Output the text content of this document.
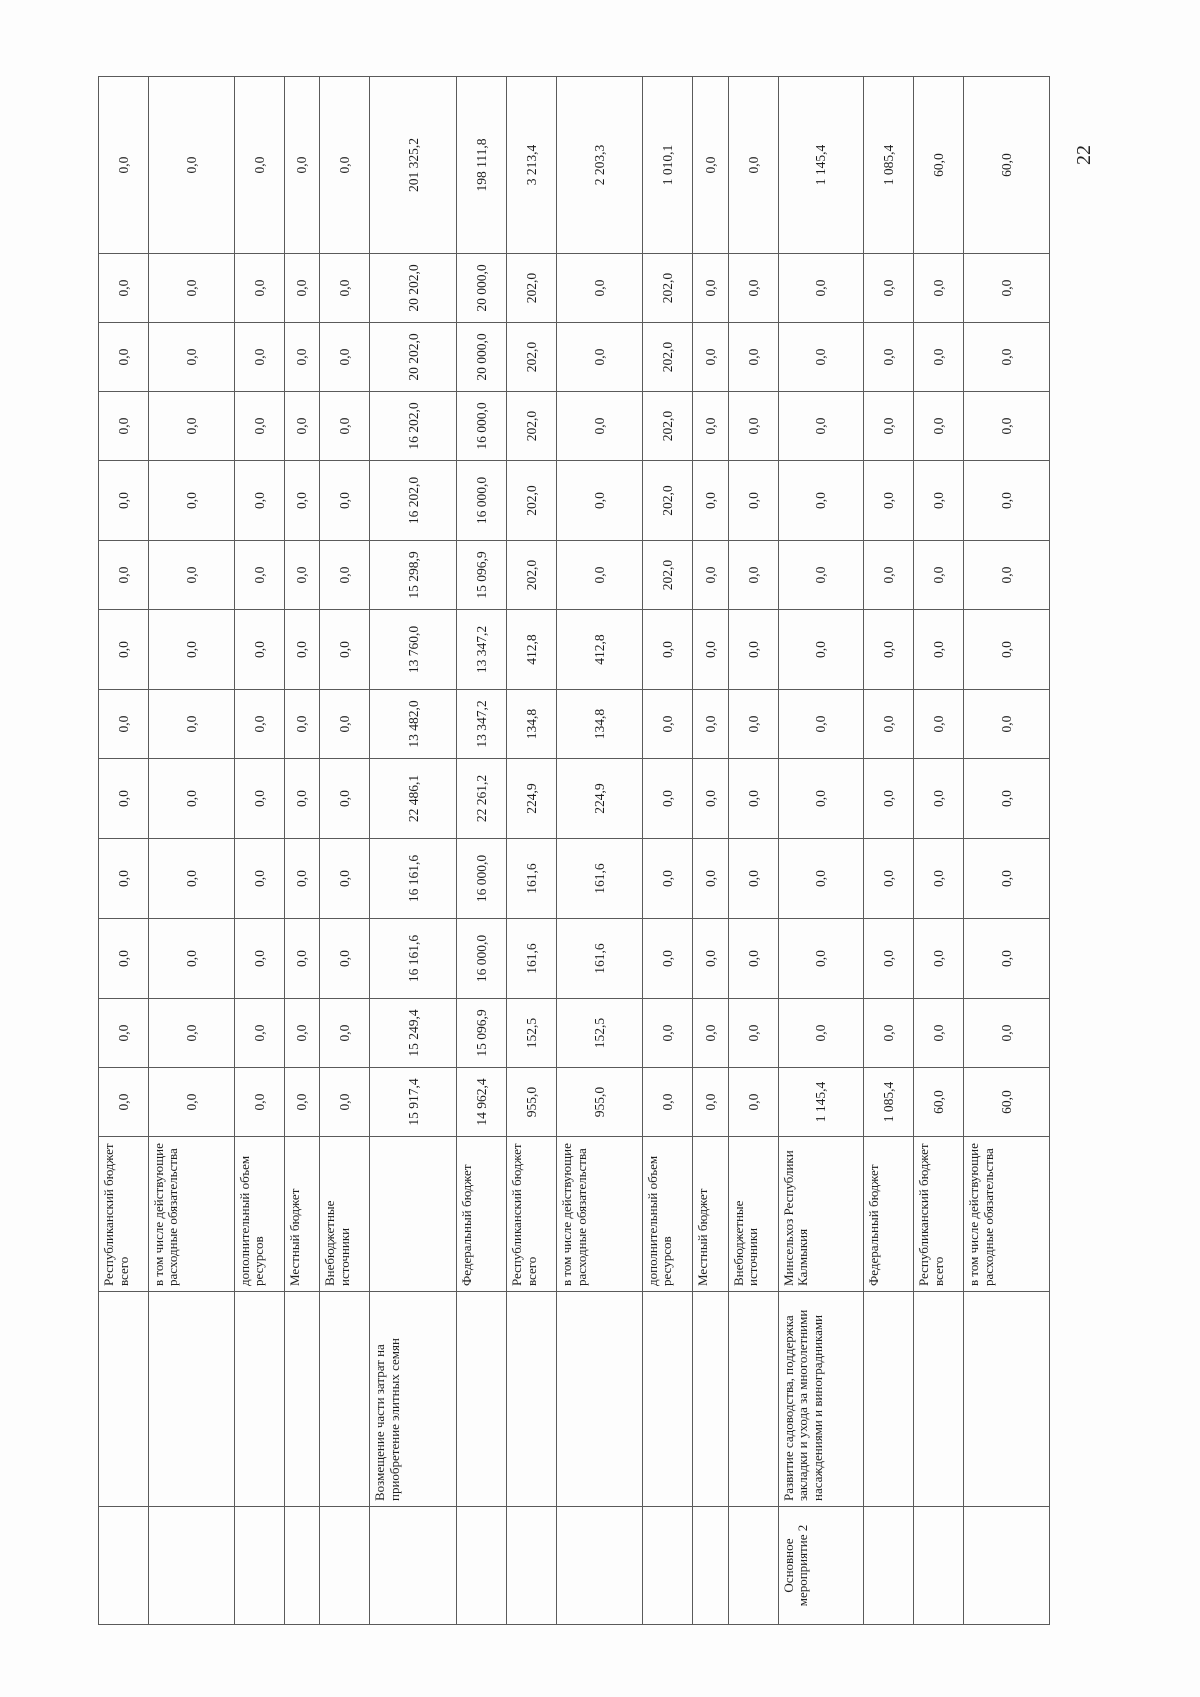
		Республиканский бюджет всего	0,0	0,0	0,0	0,0	0,0	0,0	0,0	0,0	0,0	0,0	0,0	0,0	0,0
		в том числе действующие расходные обязательства	0,0	0,0	0,0	0,0	0,0	0,0	0,0	0,0	0,0	0,0	0,0	0,0	0,0
		дополнительный объем ресурсов	0,0	0,0	0,0	0,0	0,0	0,0	0,0	0,0	0,0	0,0	0,0	0,0	0,0
		Местный бюджет	0,0	0,0	0,0	0,0	0,0	0,0	0,0	0,0	0,0	0,0	0,0	0,0	0,0
		Внебюджетные источники	0,0	0,0	0,0	0,0	0,0	0,0	0,0	0,0	0,0	0,0	0,0	0,0	0,0
	Возмещение части затрат на приобретение элитных семян		15 917,4	15 249,4	16 161,6	16 161,6	22 486,1	13 482,0	13 760,0	15 298,9	16 202,0	16 202,0	20 202,0	20 202,0	201 325,2
		Федеральный бюджет	14 962,4	15 096,9	16 000,0	16 000,0	22 261,2	13 347,2	13 347,2	15 096,9	16 000,0	16 000,0	20 000,0	20 000,0	198 111,8
		Республиканский бюджет всего	955,0	152,5	161,6	161,6	224,9	134,8	412,8	202,0	202,0	202,0	202,0	202,0	3 213,4
		в том числе действующие расходные обязательства	955,0	152,5	161,6	161,6	224,9	134,8	412,8	0,0	0,0	0,0	0,0	0,0	2 203,3
		дополнительный объем ресурсов	0,0	0,0	0,0	0,0	0,0	0,0	0,0	202,0	202,0	202,0	202,0	202,0	1 010,1
		Местный бюджет	0,0	0,0	0,0	0,0	0,0	0,0	0,0	0,0	0,0	0,0	0,0	0,0	0,0
		Внебюджетные источники	0,0	0,0	0,0	0,0	0,0	0,0	0,0	0,0	0,0	0,0	0,0	0,0	0,0
Основное мероприятие 2	Развитие садоводства, поддержка закладки и ухода за многолетними насаждениями и виноградниками	Минсельхоз Республики Калмыкия	1 145,4	0,0	0,0	0,0	0,0	0,0	0,0	0,0	0,0	0,0	0,0	0,0	1 145,4
		Федеральный бюджет	1 085,4	0,0	0,0	0,0	0,0	0,0	0,0	0,0	0,0	0,0	0,0	0,0	1 085,4
		Республиканский бюджет всего	60,0	0,0	0,0	0,0	0,0	0,0	0,0	0,0	0,0	0,0	0,0	0,0	60,0
		в том числе действующие расходные обязательства	60,0	0,0	0,0	0,0	0,0	0,0	0,0	0,0	0,0	0,0	0,0	0,0	60,0	22
